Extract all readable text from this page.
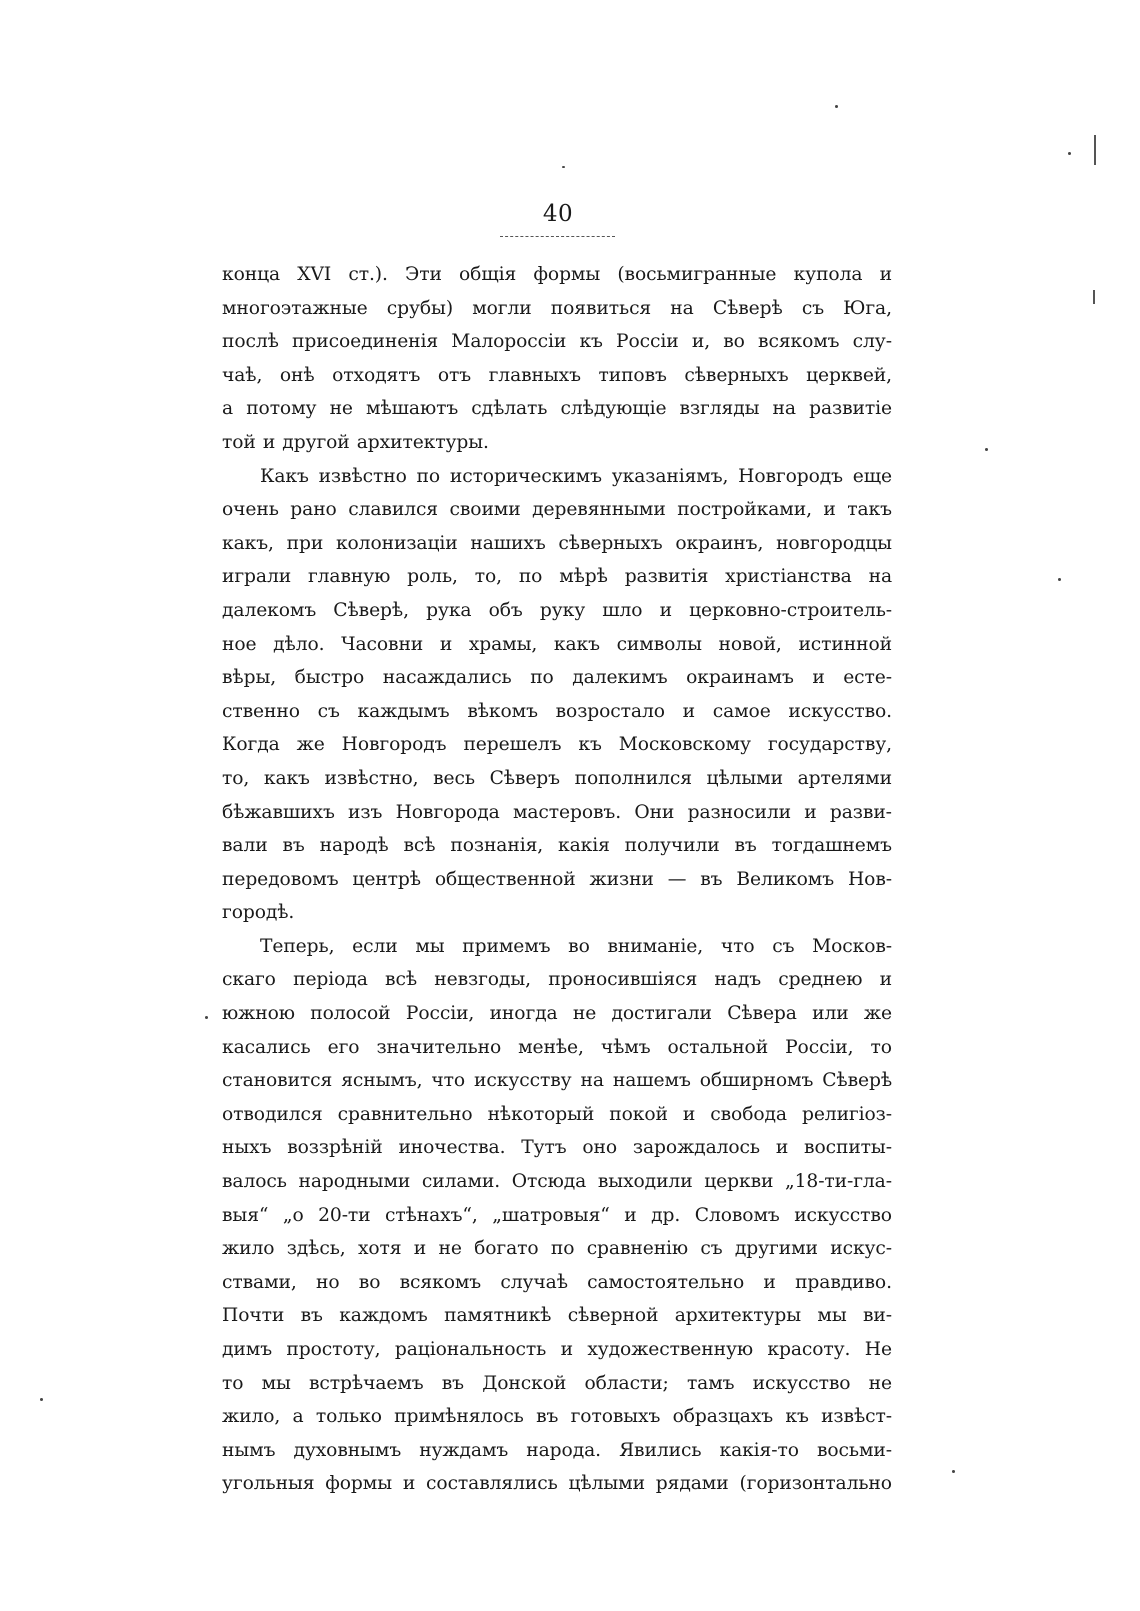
40
конца XVI ст.). Эти общія формы (восьмигранные купола и
многоэтажные срубы) могли появиться на Сѣверѣ съ Юга,
послѣ присоединенія Малороссіи къ Россіи и, во всякомъ слу-
чаѣ, онѣ отходятъ отъ главныхъ типовъ сѣверныхъ церквей,
а потому не мѣшаютъ сдѣлать слѣдующіе взгляды на развитіе
той и другой архитектуры.
Какъ извѣстно по историческимъ указаніямъ, Новгородъ еще
очень рано славился своими деревянными постройками, и такъ
какъ, при колонизаціи нашихъ сѣверныхъ окраинъ, новгородцы
играли главную роль, то, по мѣрѣ развитія христіанства на
далекомъ Сѣверѣ, рука объ руку шло и церковно-строитель-
ное дѣло. Часовни и храмы, какъ символы новой, истинной
вѣры, быстро насаждались по далекимъ окраинамъ и есте-
ственно съ каждымъ вѣкомъ возростало и самое искусство.
Когда же Новгородъ перешелъ къ Московскому государству,
то, какъ извѣстно, весь Сѣверъ пополнился цѣлыми артелями
бѣжавшихъ изъ Новгорода мастеровъ. Они разносили и разви-
вали въ народѣ всѣ познанія, какія получили въ тогдашнемъ
передовомъ центрѣ общественной жизни — въ Великомъ Нов-
городѣ.
Теперь, если мы примемъ во вниманіе, что съ Москов-
скаго періода всѣ невзгоды, проносившіяся надъ среднею и
южною полосой Россіи, иногда не достигали Сѣвера или же
касались его значительно менѣе, чѣмъ остальной Россіи, то
становится яснымъ, что искусству на нашемъ обширномъ Сѣверѣ
отводился сравнительно нѣкоторый покой и свобода религіоз-
ныхъ воззрѣній иночества. Тутъ оно зарождалось и воспиты-
валось народными силами. Отсюда выходили церкви „18-ти-гла-
выя“ „о 20-ти стѣнахъ“, „шатровыя“ и др. Словомъ искусство
жило здѣсь, хотя и не богато по сравненію съ другими искус-
ствами, но во всякомъ случаѣ самостоятельно и правдиво.
Почти въ каждомъ памятникѣ сѣверной архитектуры мы ви-
димъ простоту, раціональность и художественную красоту. Не
то мы встрѣчаемъ въ Донской области; тамъ искусство не
жило, а только примѣнялось въ готовыхъ образцахъ къ извѣст-
нымъ духовнымъ нуждамъ народа. Явились какія-то восьми-
угольныя формы и составлялись цѣлыми рядами (горизонтально
